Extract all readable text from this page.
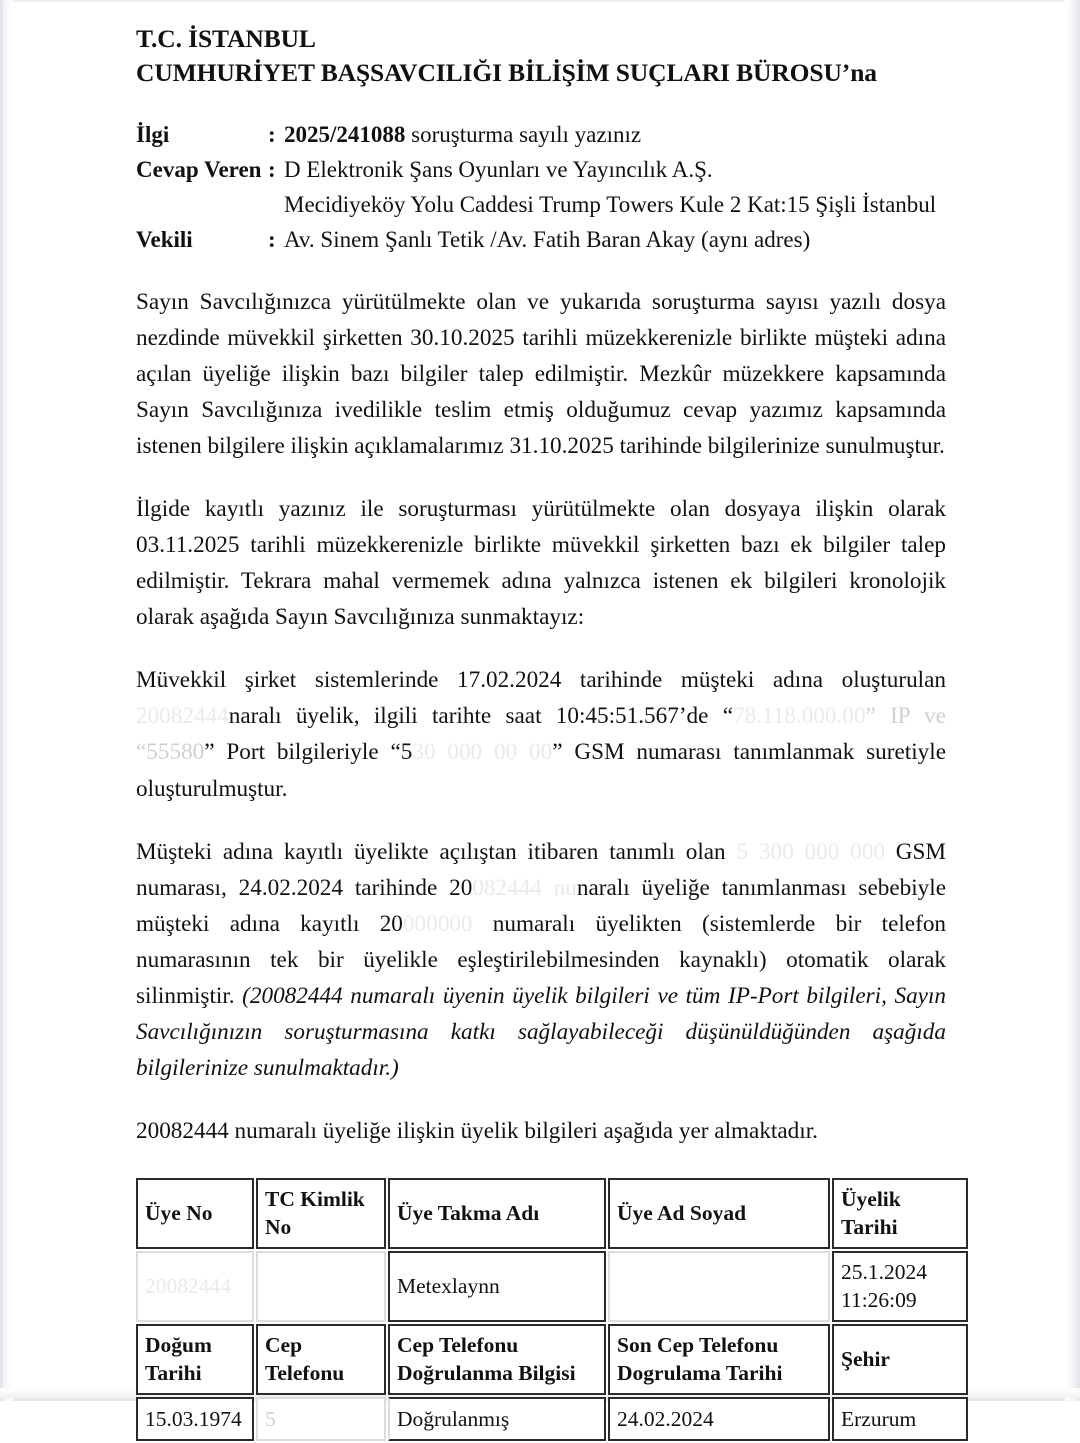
T.C. İSTANBUL
CUMHURİYET BAŞSAVCILIĞI BİLİŞİM SUÇLARI BÜROSU’na
İlgi	: 2025/241088 soruşturma sayılı yazınız
Cevap Veren : D Elektronik Şans Oyunları ve Yayıncılık A.Ş.
Mecidiyeköy Yolu Caddesi Trump Towers Kule 2 Kat:15 Şişli İstanbul
Vekili	: Av. Sinem Şanlı Tetik /Av. Fatih Baran Akay (aynı adres)

Sayın Savcılığınızca yürütülmekte olan ve yukarıda soruşturma sayısı yazılı dosya nezdinde müvekkil şirketten 30.10.2025 tarihli müzekkerenizle birlikte müşteki adına açılan üyeliğe ilişkin bazı bilgiler talep edilmiştir. Mezkûr müzekkere kapsamında Sayın Savcılığınıza ivedilikle teslim etmiş olduğumuz cevap yazımız kapsamında istenen bilgilere ilişkin açıklamalarımız 31.10.2025 tarihinde bilgilerinize sunulmuştur.

İlgide kayıtlı yazınız ile soruşturması yürütülmekte olan dosyaya ilişkin olarak 03.11.2025 tarihli müzekkerenizle birlikte müvekkil şirketten bazı ek bilgiler talep edilmiştir. Tekrara mahal vermemek adına yalnızca istenen ek bilgileri kronolojik olarak aşağıda Sayın Savcılığınıza sunmaktayız:

Müvekkil şirket sistemlerinde 17.02.2024 tarihinde müşteki adına oluşturulan 20082444naralı üyelik, ilgili tarihte saat 10:45:51.567’de “78.118.000.00” IP ve “55580” Port bilgileriyle “530 000 00 00” GSM numarası tanımlanmak suretiyle oluşturulmuştur.

Müşteki adına kayıtlı üyelikte açılıştan itibaren tanımlı olan 5 300 000 000 GSM numarası, 24.02.2024 tarihinde 20082444 nunaralı üyeliğe tanımlanması sebebiyle müşteki adına kayıtlı 20000000 numaralı üyelikten (sistemlerde bir telefon numarasının tek bir üyelikle eşleştirilebilmesinden kaynaklı) otomatik olarak silinmiştir. (20082444 numaralı üyenin üyelik bilgileri ve tüm IP-Port bilgileri, Sayın Savcılığınızın soruşturmasına katkı sağlayabileceği düşünüldüğünden aşağıda bilgilerinize sunulmaktadır.)

20082444 numaralı üyeliğe ilişkin üyelik bilgileri aşağıda yer almaktadır.

Üye No	TC Kimlik No	Üye Takma Adı	Üye Ad Soyad	Üyelik Tarihi
20082444		Metexlaynn		25.1.2024
11:26:09

Doğum Tarihi	Cep Telefonu	Cep Telefonu Doğrulanma Bilgisi	Son Cep Telefonu Dogrulama Tarihi	Şehir
15.03.1974	5	Doğrulanmış	24.02.2024	Erzurum
